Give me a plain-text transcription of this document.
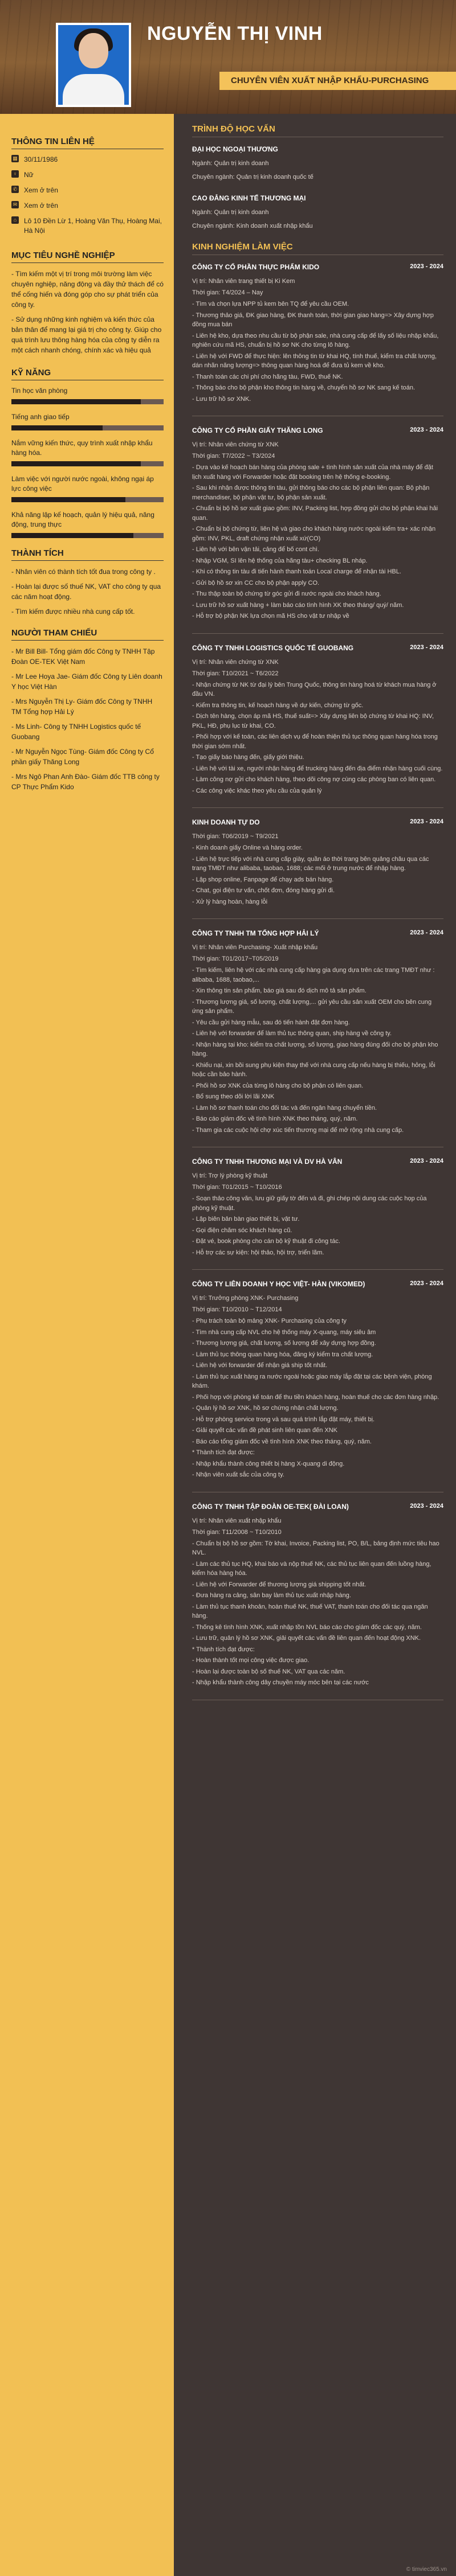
NGUYỄN THỊ VINH
CHUYÊN VIÊN XUẤT NHẬP KHẨU-PURCHASING
THÔNG TIN LIÊN HỆ
▦ 30/11/1986
♀ Nữ
✆ Xem ở trên
✉ Xem ở trên
⌂	Lô 10 Đền Lừ 1, Hoàng Văn Thụ, Hoàng Mai, Hà Nội
MỤC TIÊU NGHỀ NGHIỆP
- Tìm kiếm một vị trí trong môi trường làm việc chuyên nghiệp, năng động và đầy thử thách để có thể cống hiến và đóng góp cho sự phát triển của công ty.
- Sử dụng những kinh nghiệm và kiến thức của bản thân để mang lại giá trị cho công ty. Giúp cho quá trình lưu thông hàng hóa của công ty diễn ra một cách nhanh chóng, chính xác và hiệu quả
KỸ NĂNG
Tin học văn phòng
Tiếng anh giao tiếp
Nắm vững kiến thức, quy trình xuất nhập khẩu hàng hóa.
Làm việc với người nước ngoài, không ngại áp lực công việc
Khả năng lập kế hoạch, quản lý hiệu quả, năng động, trung thực
THÀNH TÍCH
- Nhân viên có thành tích tốt đua trong công ty .
- Hoàn lại được số thuế NK, VAT cho công ty qua các năm hoạt động.
- Tìm kiếm được nhiều nhà cung cấp tốt.
NGƯỜI THAM CHIẾU
- Mr Bill Bill- Tổng giám đốc Công ty TNHH Tập Đoàn OE-TEK Việt Nam
- Mr Lee Hoya Jae- Giám đốc Công ty Liên doanh Y học Việt Hàn
- Mrs Nguyễn Thị Ly- Giám đốc Công ty TNHH TM Tổng hợp Hải Lý
- Ms Linh- Công ty TNHH Logistics quốc tế Guobang
- Mr Nguyễn Ngọc Tùng- Giám đốc Công ty Cổ phần giấy Thăng Long
- Mrs Ngô Phan Anh Đào- Giám đốc TTB công ty CP Thực Phẩm Kido
TRÌNH ĐỘ HỌC VẤN
ĐẠI HỌC NGOẠI THƯƠNG
Ngành: Quản trị kinh doanh
Chuyên ngành: Quản trị kinh doanh quốc tế
CAO ĐẲNG KINH TẾ THƯƠNG MẠI
Ngành: Quản trị kinh doanh
Chuyên ngành: Kinh doanh xuất nhập khẩu
KINH NGHIỆM LÀM VIỆC
CÔNG TY CỔ PHẦN THỰC PHẨM KIDO	2023 - 2024
Vị trí: Nhân viên trang thiết bị Ki Kem
Thời gian: T4/2024 – Nay

- Tìm và chọn lựa NPP tủ kem bên TQ để yêu cầu OEM.

- Thương thảo giá, ĐK giao hàng, ĐK thanh toán, thời gian giao hàng=> Xây dựng hợp đồng mua bán

- Liên hệ kho, dựa theo nhu cầu từ bộ phận sale, nhà cung cấp để lấy số liệu nhập khẩu, nghiên cứu mã HS, chuẩn bị hồ sơ NK cho từng lô hàng.

- Liên hệ với FWD để thực hiện: lên thông tin từ khai HQ, tính thuế, kiểm tra chất lượng, dán nhãn năng lượng=> thông quan hàng hoá để đưa tủ kem về kho.

- Thanh toán các chi phí cho hãng tàu, FWD, thuế NK.

- Thông báo cho bộ phận kho thông tin hàng về, chuyển hồ sơ NK sang kế toán.

- Lưu trữ hồ sơ XNK.

CÔNG TY CỔ PHẦN GIẤY THĂNG LONG	2023 - 2024
Vị trí: Nhân viên chứng từ XNK
Thời gian: T7/2022 ~ T3/2024

- Dựa vào kế hoạch bán hàng của phòng sale + tình hình sản xuất của nhà máy để đặt lịch xuất hàng với Forwarder hoặc đặt booking trên hệ thống e-booking.

- Sau khi nhận được thông tin tàu, gửi thông báo cho các bộ phận liên quan: Bộ phận merchandiser, bộ phận vật tư, bộ phận sản xuất.

- Chuẩn bị bộ hồ sơ xuất giao gồm: INV, Packing list, hợp đồng gửi cho bộ phận khai hải quan.

- Chuẩn bị bộ chứng từ, liên hệ và giao cho khách hàng nước ngoài kiểm tra+ xác nhận gồm: INV, PKL, draft chứng nhận xuất xứ(CO)

- Liên hệ với bên vận tải, cảng để bố cont chì.

- Nhập VGM, SI lên hệ thống của hãng tàu+ checking BL nháp.

- Khi có thông tin tàu đi tiến hành thanh toán Local charge để nhận tài HBL.

- Gửi bộ hồ sơ xin CC cho bộ phận apply CO.

- Thu thập toàn bộ chứng từ góc gửi đi nước ngoài cho khách hàng.

- Lưu trữ hồ sơ xuất hàng + làm báo cáo tình hình XK theo tháng/ quý/ năm.

- Hỗ trợ bộ phận NK lựa chọn mã HS cho vật tư nhập về

CÔNG TY TNHH LOGISTICS QUỐC TẾ GUOBANG	2023 - 2024
Vị trí: Nhân viên chứng từ XNK
Thời gian: T10/2021 ~ T6/2022

- Nhận chứng từ NK từ đại lý bên Trung Quốc, thông tin hàng hoá từ khách mua hàng ở đầu VN.

- Kiểm tra thông tin, kế hoạch hàng về dự kiến, chứng từ gốc.

- Dịch tên hàng, chọn áp mã HS, thuế suất=> Xây dựng liên bộ chứng từ khai HQ: INV, PKL, HĐ, phụ lục từ khai, CO.

- Phối hợp với kế toán, các liên dịch vụ để hoàn thiện thủ tục thông quan hàng hóa trong thời gian sớm nhất.

- Tạo giấy báo hàng đến, giấy giới thiệu.

- Liên hệ với tài xe, người nhận hàng để trucking hàng đến địa điểm nhận hàng cuối cùng.

- Làm công nợ gửi cho khách hàng, theo dõi công nợ cùng các phòng ban có liên quan.

- Các công việc khác theo yêu cầu của quản lý

KINH DOANH TỰ DO	2023 - 2024
Thời gian: T06/2019 ~ T9/2021

- Kinh doanh giấy Online và hàng order.

- Liên hệ trực tiếp với nhà cung cấp giày, quần áo thời trang bên quảng châu qua các trang TMĐT như alibaba, taobao, 1688; các mối ở trung nước để nhập hàng.

- Lập shop online, Fanpage để chạy ads bán hàng.

- Chat, gọi điện tư vấn, chốt đơn, đóng hàng gửi đi.

- Xử lý hàng hoàn, hàng lỗi

CÔNG TY TNHH TM TỔNG HỢP HẢI LÝ	2023 - 2024
Vị trí: Nhân viên Purchasing- Xuất nhập khẩu
Thời gian: T01/2017~T05/2019

- Tìm kiếm, liên hệ với các nhà cung cấp hàng gia dụng dựa trên các trang TMĐT như : alibaba, 1688, taobao,...

- Xin thông tin sản phẩm, báo giá sau đó dịch mô tả sản phẩm.

- Thương lượng giá, số lượng, chất lượng,... gửi yêu cầu sản xuất OEM cho bên cung ứng sản phẩm.

- Yêu cầu gửi hàng mẫu, sau đó tiến hành đặt đơn hàng.

- Liên hệ với forwarder để làm thủ tục thông quan, ship hàng về công ty.

- Nhận hàng tại kho: kiểm tra chất lượng, số lượng, giao hàng đúng đối cho bộ phận kho hàng.

- Khiếu nại, xin bồi sung phụ kiện thay thế với nhà cung cấp nếu hàng bị thiếu, hỏng, lỗi hoặc cần bảo hành.

- Phối hồ sơ XNK của từng lô hàng cho bộ phận có liên quan.

- Bổ sung theo dõi lời lãi XNK

- Làm hồ sơ thanh toán cho đối tác và đến ngân hàng chuyển tiền.

- Báo cáo giám đốc về tình hình XNK theo tháng, quý, năm.

- Tham gia các cuộc hội chợ xúc tiến thương mại để mở rộng nhà cung cấp.

CÔNG TY TNHH THƯƠNG MẠI VÀ DV HÀ VÂN	2023 - 2024
Vị trí: Trợ lý phòng kỹ thuật
Thời gian: T01/2015 ~ T10/2016

- Soạn thảo công văn, lưu giữ giấy tờ đến và đi, ghi chép nội dung các cuộc họp của phòng kỹ thuật.

- Lập biên bản bàn giao thiết bị, vật tư.

- Gọi điện chăm sóc khách hàng cũ.

- Đặt vé, book phòng cho cán bộ kỹ thuật đi công tác.

- Hỗ trợ các sự kiện: hội thảo, hội trợ, triển lãm.

CÔNG TY LIÊN DOANH Y HỌC VIỆT- HÀN (VIKOMED)	2023 - 2024
Vị trí: Trưởng phòng XNK- Purchasing
Thời gian: T10/2010 ~ T12/2014

- Phụ trách toàn bộ mảng XNK- Purchasing của công ty

- Tìm nhà cung cấp NVL cho hệ thống máy X-quang, máy siêu âm

- Thương lượng giá, chất lượng, số lượng để xây dựng hợp đồng.

- Làm thủ tục thông quan hàng hóa, đăng ký kiểm tra chất lượng.

- Liên hệ với forwarder để nhận giá ship tốt nhất.

- Làm thủ tục xuất hàng ra nước ngoài hoặc giao máy lắp đặt tại các bệnh viện, phòng khám.

- Phối hợp với phòng kế toán để thu tiền khách hàng, hoàn thuế cho các đơn hàng nhập.

- Quản lý hồ sơ XNK, hồ sơ chứng nhận chất lượng.

- Hỗ trợ phòng service trong và sau quá trình lắp đặt máy, thiết bị.

- Giải quyết các vấn đề phát sinh liên quan đến XNK

- Báo cáo tổng giám đốc về tình hình XNK theo tháng, quý, năm.

* Thành tích đạt được:

- Nhập khẩu thành công thiết bị hàng X-quang di động.

- Nhận viên xuất sắc của công ty.

CÔNG TY TNHH TẬP ĐOÀN OE-TEK( ĐÀI LOAN)	2023 - 2024
Vị trí: Nhân viên xuất nhập khẩu
Thời gian: T11/2008 ~ T10/2010

- Chuẩn bị bộ hồ sơ gồm: Tờ khai, Invoice, Packing list, PO, B/L, bảng định mức tiêu hao NVL.

- Làm các thủ tục HQ, khai báo và nộp thuế NK, các thủ tục liên quan đến luồng hàng, kiểm hóa hàng hóa.

- Liên hệ với Forwarder để thương lượng giá shipping tốt nhất.

- Đưa hàng ra cảng, sân bay làm thủ tục xuất nhập hàng.

- Làm thủ tục thanh khoản, hoàn thuế NK, thuế VAT, thanh toán cho đối tác qua ngân hàng.

- Thống kê tình hình XNK, xuất nhập tồn NVL báo cáo cho giám đốc các quý, năm.

- Lưu trữ, quản lý hồ sơ XNK, giải quyết các vấn đề liên quan đến hoạt động XNK.

* Thành tích đạt được:

- Hoàn thành tốt mọi công việc được giao.

- Hoàn lại được toàn bộ số thuế NK, VAT qua các năm.

- Nhập khẩu thành công dây chuyền máy móc bên tại các nước

© timviec365.vn
